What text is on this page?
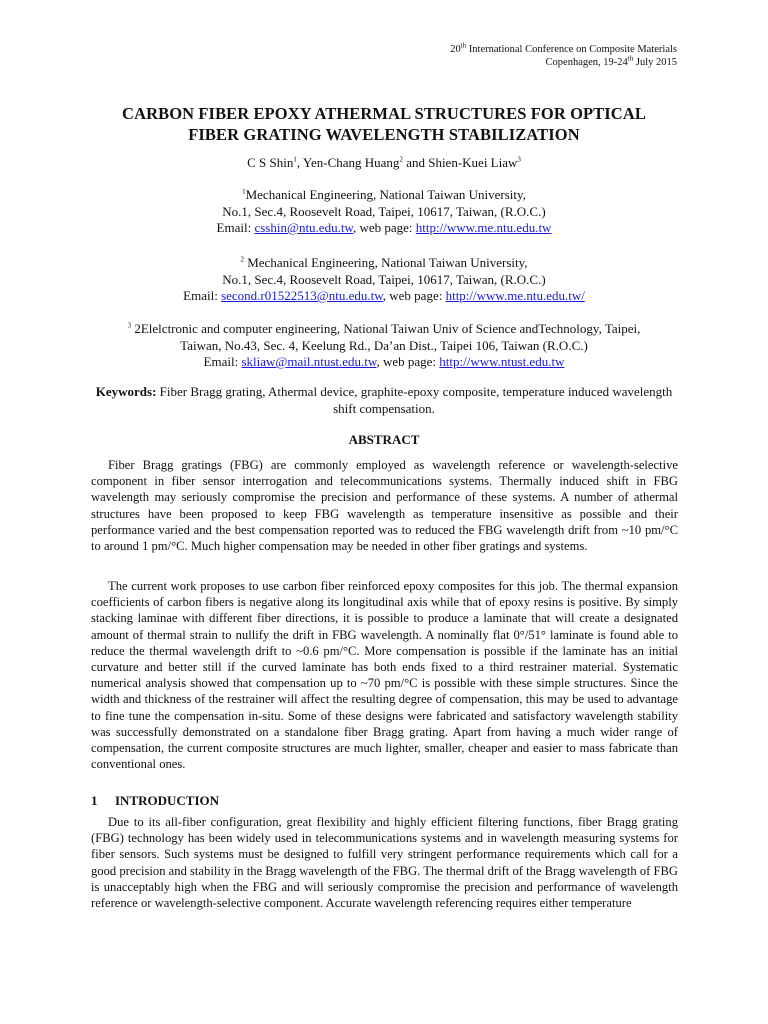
20th International Conference on Composite Materials
Copenhagen, 19-24th July 2015
CARBON FIBER EPOXY ATHERMAL STRUCTURES FOR OPTICAL
FIBER GRATING WAVELENGTH STABILIZATION
C S Shin$^1$, Yen-Chang Huang$^2$ and Shien-Kuei Liaw$^3$
$^1$Mechanical Engineering, National Taiwan University,
No.1, Sec.4, Roosevelt Road, Taipei, 10617, Taiwan, (R.O.C.)
Email: csshin@ntu.edu.tw, web page: http://www.me.ntu.edu.tw
$^2$ Mechanical Engineering, National Taiwan University,
No.1, Sec.4, Roosevelt Road, Taipei, 10617, Taiwan, (R.O.C.)
Email: second.r01522513@ntu.edu.tw, web page: http://www.me.ntu.edu.tw/
$^3$ 2Elelctronic and computer engineering, National Taiwan Univ of Science andTechnology, Taipei,
Taiwan, No.43, Sec. 4, Keelung Rd., Da’an Dist., Taipei 106, Taiwan (R.O.C.)
Email: skliaw@mail.ntust.edu.tw, web page: http://www.ntust.edu.tw
Keywords: Fiber Bragg grating, Athermal device, graphite-epoxy composite, temperature induced wavelength shift compensation.
ABSTRACT
Fiber Bragg gratings (FBG) are commonly employed as wavelength reference or wavelength-selective component in fiber sensor interrogation and telecommunications systems. Thermally induced shift in FBG wavelength may seriously compromise the precision and performance of these systems. A number of athermal structures have been proposed to keep FBG wavelength as temperature insensitive as possible and their performance varied and the best compensation reported was to reduced the FBG wavelength drift from ~10 pm/°C to around 1 pm/°C. Much higher compensation may be needed in other fiber gratings and systems.
The current work proposes to use carbon fiber reinforced epoxy composites for this job. The thermal expansion coefficients of carbon fibers is negative along its longitudinal axis while that of epoxy resins is positive. By simply stacking laminae with different fiber directions, it is possible to produce a laminate that will create a designated amount of thermal strain to nullify the drift in FBG wavelength. A nominally flat 0°/51° laminate is found able to reduce the thermal wavelength drift to ~0.6 pm/°C. More compensation is possible if the laminate has an initial curvature and better still if the curved laminate has both ends fixed to a third restrainer material. Systematic numerical analysis showed that compensation up to ~70 pm/°C is possible with these simple structures. Since the width and thickness of the restrainer will affect the resulting degree of compensation, this may be used to advantage to fine tune the compensation in-situ. Some of these designs were fabricated and satisfactory wavelength stability was successfully demonstrated on a standalone fiber Bragg grating. Apart from having a much wider range of compensation, the current composite structures are much lighter, smaller, cheaper and easier to mass fabricate than conventional ones.
1 INTRODUCTION
Due to its all-fiber configuration, great flexibility and highly efficient filtering functions, fiber Bragg grating (FBG) technology has been widely used in telecommunications systems and in wavelength measuring systems for fiber sensors. Such systems must be designed to fulfill very stringent performance requirements which call for a good precision and stability in the Bragg wavelength of the FBG. The thermal drift of the Bragg wavelength of FBG is unacceptably high when the FBG and will seriously compromise the precision and performance of wavelength reference or wavelength-selective component. Accurate wavelength referencing requires either temperature
